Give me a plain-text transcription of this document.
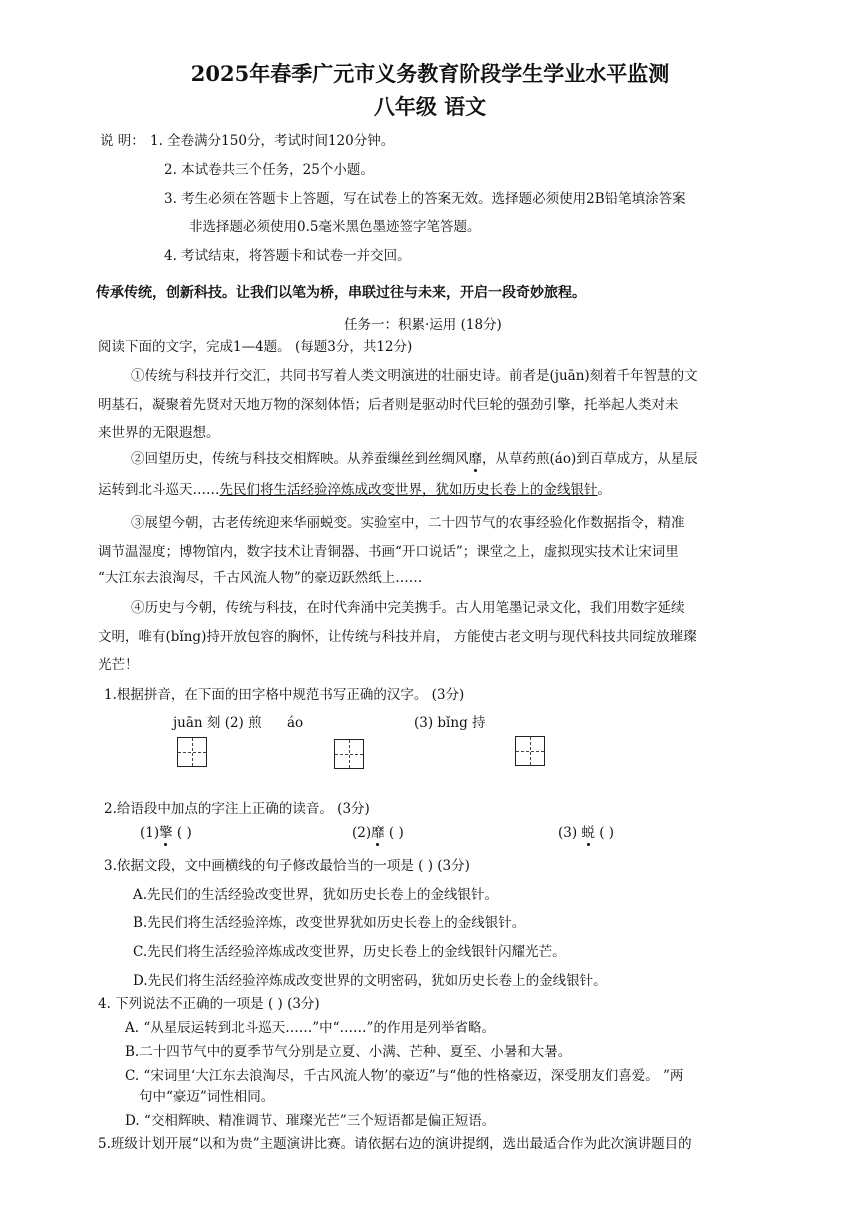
2025年春季广元市义务教育阶段学生学业水平监测
八年级 语文
说 明： 1. 全卷满分150分，考试时间120分钟。
2. 本试卷共三个任务，25个小题。
3. 考生必须在答题卡上答题，写在试卷上的答案无效。选择题必须使用2B铅笔填涂答案
非选择题必须使用0.5毫米黑色墨迹签字笔答题。
4. 考试结束，将答题卡和试卷一并交回。
传承传统，创新科技。让我们以笔为桥，串联过往与未来，开启一段奇妙旅程。
任务一：积累·运用 (18分)
阅读下面的文字，完成1—4题。 (每题3分，共12分)
①传统与科技并行交汇，共同书写着人类文明演进的壮丽史诗。前者是(juān)刻着千年智慧的文
明基石，凝聚着先贤对天地万物的深刻体悟；后者则是驱动时代巨轮的强劲引擎，托举起人类对未
来世界的无限遐想。
②回望历史，传统与科技交相辉映。从养蚕缫丝到丝绸风靡，从草药煎(áo)到百草成方，从星辰
运转到北斗巡天……先民们将生活经验淬炼成改变世界，犹如历史长卷上的金线银针。
③展望今朝，古老传统迎来华丽蜕变。实验室中，二十四节气的农事经验化作数据指令，精准
调节温湿度；博物馆内，数字技术让青铜器、书画“开口说话”；课堂之上，虚拟现实技术让宋词里
“大江东去浪淘尽，千古风流人物”的豪迈跃然纸上……
④历史与今朝，传统与科技，在时代奔涌中完美携手。古人用笔墨记录文化，我们用数字延续
文明，唯有(bǐng)持开放包容的胸怀，让传统与科技并肩， 方能使古老文明与现代科技共同绽放璀璨
光芒！
1.根据拼音，在下面的田字格中规范书写正确的汉字。 (3分)
juān 刻 (2) 煎 áo	(3) bǐng 持
2.给语段中加点的字注上正确的读音。 (3分)
(1)擎 ( )	(2)靡 ( )	(3) 蜕 ( )
3.依据文段，文中画横线的句子修改最恰当的一项是 ( ) (3分)
A.先民们的生活经验改变世界，犹如历史长卷上的金线银针。
B.先民们将生活经验淬炼，改变世界犹如历史长卷上的金线银针。
C.先民们将生活经验淬炼成改变世界，历史长卷上的金线银针闪耀光芒。
D.先民们将生活经验淬炼成改变世界的文明密码，犹如历史长卷上的金线银针。
4. 下列说法不正确的一项是 ( ) (3分)
A. “从星辰运转到北斗巡天……”中“……”的作用是列举省略。
B.二十四节气中的夏季节气分别是立夏、小满、芒种、夏至、小暑和大暑。
C. “宋词里‘大江东去浪淘尽，千古风流人物’的豪迈”与“他的性格豪迈，深受朋友们喜爱。 ”两
句中“豪迈”词性相同。
D. “交相辉映、精准调节、璀璨光芒”三个短语都是偏正短语。
5.班级计划开展“以和为贵”主题演讲比赛。请依据右边的演讲提纲，选出最适合作为此次演讲题目的
